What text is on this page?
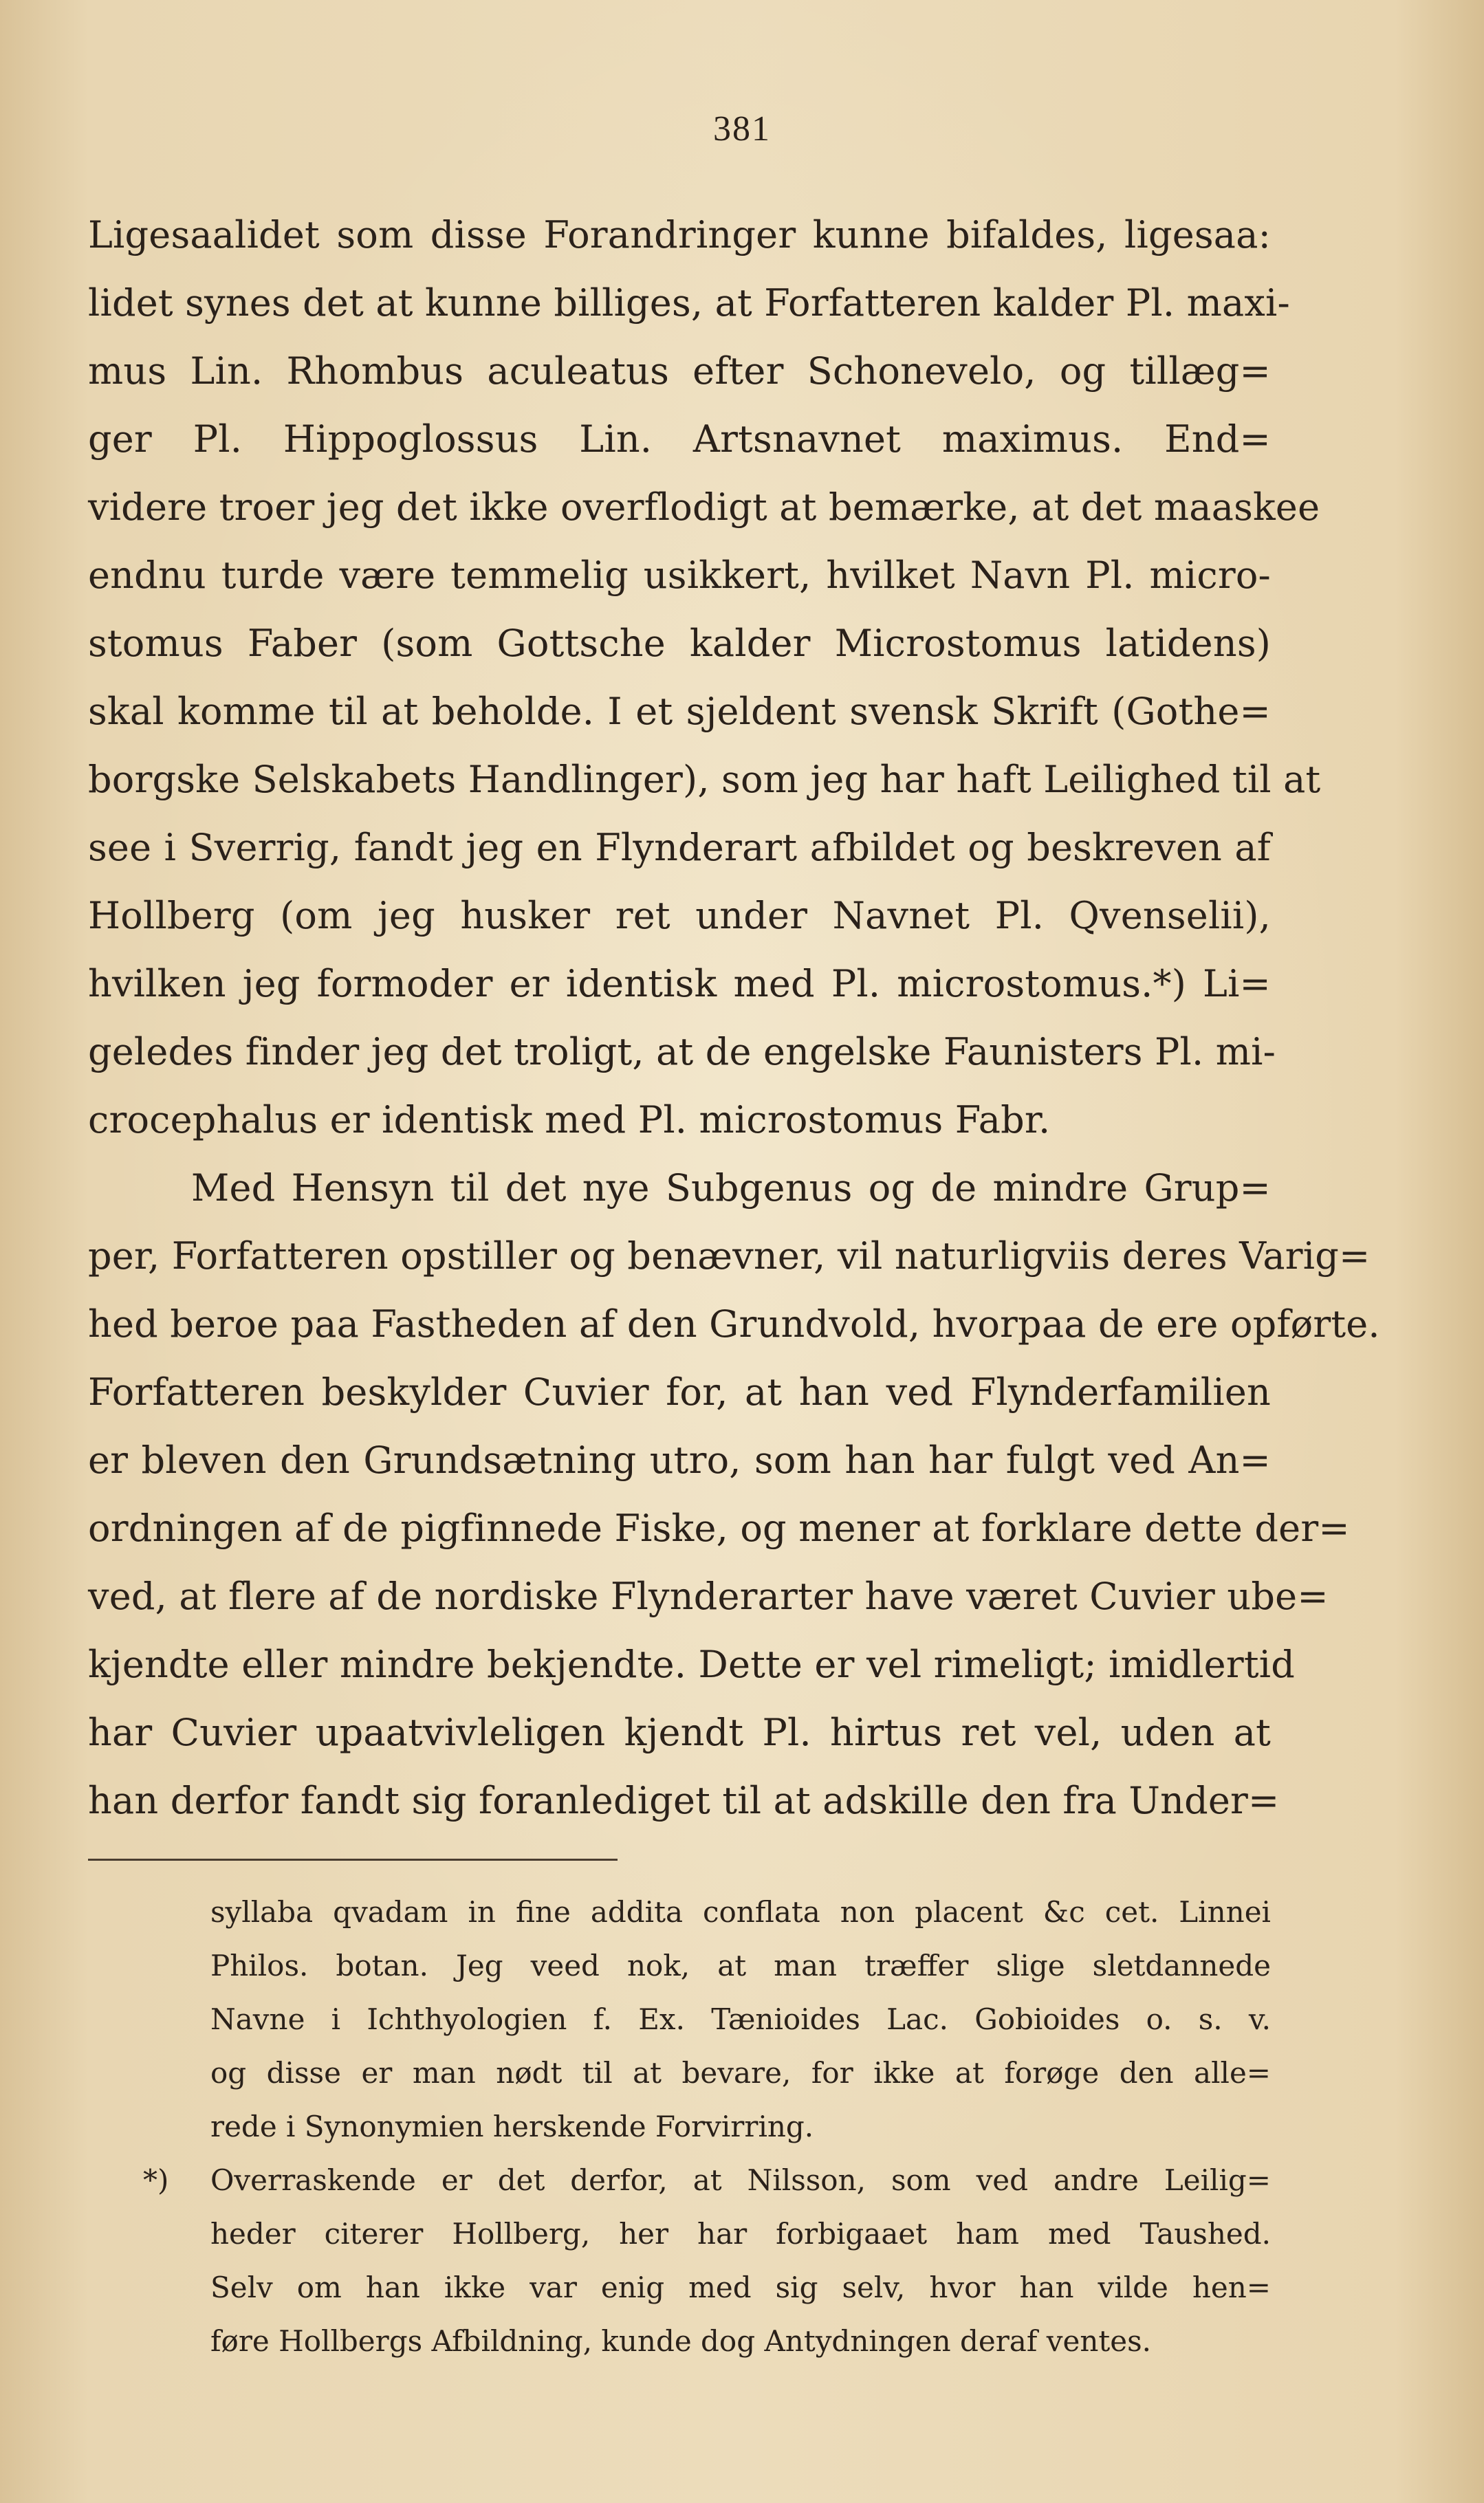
381
Ligesaalidet som disse Forandringer kunne bifaldes, ligesaa:
lidet synes det at kunne billiges, at Forfatteren kalder Pl. maxi-
mus Lin. Rhombus aculeatus efter Schonevelo, og tillæg=
ger Pl. Hippoglossus Lin. Artsnavnet maximus. End=
videre troer jeg det ikke overflodigt at bemærke, at det maaskee
endnu turde være temmelig usikkert, hvilket Navn Pl. micro-
stomus Faber (som Gottsche kalder Microstomus latidens)
skal komme til at beholde. I et sjeldent svensk Skrift (Gothe=
borgske Selskabets Handlinger), som jeg har haft Leilighed til at
see i Sverrig, fandt jeg en Flynderart afbildet og beskreven af
Hollberg (om jeg husker ret under Navnet Pl. Qvenselii),
hvilken jeg formoder er identisk med Pl. microstomus.*) Li=
geledes finder jeg det troligt, at de engelske Faunisters Pl. mi-
crocephalus er identisk med Pl. microstomus Fabr.
Med Hensyn til det nye Subgenus og de mindre Grup=
per, Forfatteren opstiller og benævner, vil naturligviis deres Varig=
hed beroe paa Fastheden af den Grundvold, hvorpaa de ere opførte.
Forfatteren beskylder Cuvier for, at han ved Flynderfamilien
er bleven den Grundsætning utro, som han har fulgt ved An=
ordningen af de pigfinnede Fiske, og mener at forklare dette der=
ved, at flere af de nordiske Flynderarter have været Cuvier ube=
kjendte eller mindre bekjendte. Dette er vel rimeligt; imidlertid
har Cuvier upaatvivleligen kjendt Pl. hirtus ret vel, uden at
han derfor fandt sig foranlediget til at adskille den fra Under=
syllaba qvadam in fine addita conflata non placent &c cet. Linnei
Philos. botan. Jeg veed nok, at man træffer slige sletdannede
Navne i Ichthyologien f. Ex. Tænioides Lac. Gobioides o. s. v.
og disse er man nødt til at bevare, for ikke at forøge den alle=
rede i Synonymien herskende Forvirring.
*)	Overraskende er det derfor, at Nilsson, som ved andre Leilig=
heder citerer Hollberg, her har forbigaaet ham med Taushed.
Selv om han ikke var enig med sig selv, hvor han vilde hen=
føre Hollbergs Afbildning, kunde dog Antydningen deraf ventes.
